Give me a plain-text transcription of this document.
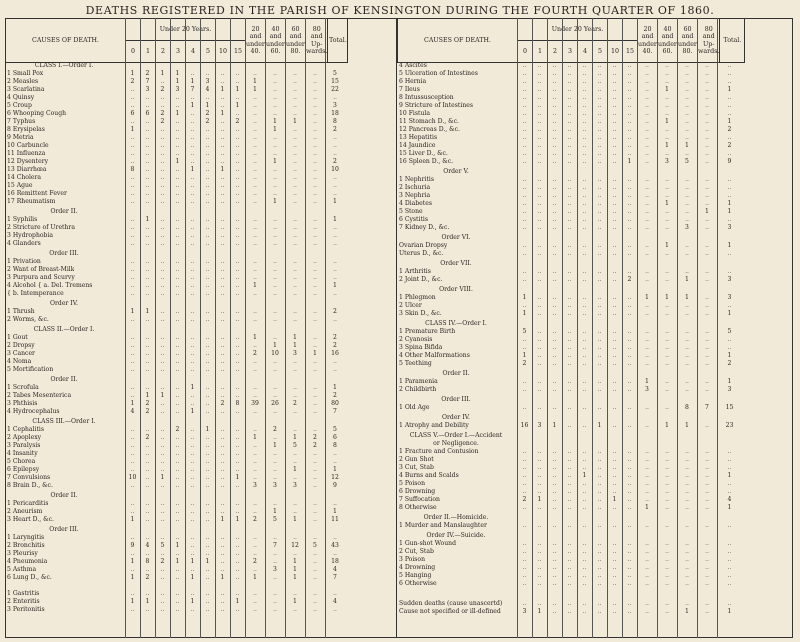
DEATHS REGISTERED IN THE PARISH OF KENSINGTON DURING THE FOURTH QUARTER OF 1860.
CAUSES OF DEATH.	Under 20 Years.								20 and under 40.	40 and under 60.	60 and under 80.	80 and Up-wards.	Total.
	0	1	2	3	4	5	10	15					
CLASS I.—Order I.
1 Small Pox	1	2	1	1	..	..	..	..	..	..	..	..	5
2 Measles	2	7	..	1	1	3	..	..	1	..	..	..	15
3 Scarlatina	..	3	2	3	7	4	1	1	1	..	..	..	22
4 Quinsy	..	..	..	..	..	..	..	..	..	..	..	..	..
5 Croup	..	..	..	..	1	1	..	1	..	..	..	..	3
6 Whooping Cough	6	6	2	1	..	2	1	..	..	..	..	..	18
7 Typhus	..	..	2	..	..	2	..	2	..	1	1	..	8
8 Erysipelas	1	..	..	..	..	..	..	..	..	1	..	..	2
9 Metria	..	..	..	..	..	..	..	..	..	..	..	..	..
10 Carbuncle	..	..	..	..	..	..	..	..	..	..	..	..	..
11 Influenza	..	..	..	..	..	..	..	..	..	..	..	..	..
12 Dysentery	..	..	..	1	..	..	..	..	..	1	..	..	2
13 Diarrhœa	8	..	..	..	1	..	1	..	..	..	..	..	10
14 Cholera	..	..	..	..	..	..	..	..	..	..	..	..	..
15 Ague	..	..	..	..	..	..	..	..	..	..	..	..	..
16 Remittent Fever	..	..	..	..	..	..	..	..	..	..	..	..	..
17 Rheumatism	..	..	..	..	..	..	..	..	..	1	..	..	1
Order II.
1 Syphilis	..	1	..	..	..	..	..	..	..	..	..	..	1
2 Stricture of Urethra	..	..	..	..	..	..	..	..	..	..	..	..	..
3 Hydrophobia	..	..	..	..	..	..	..	..	..	..	..	..	..
4 Glanders	..	..	..	..	..	..	..	..	..	..	..	..	..
Order III.
1 Privation	..	..	..	..	..	..	..	..	..	..	..	..	..
2 Want of Breast-Milk	..	..	..	..	..	..	..	..	..	..	..	..	..
3 Purpura and Scurvy	..	..	..	..	..	..	..	..	..	..	..	..	..
4 Alcohol { a. Del. Tremens	..	..	..	..	..	..	..	..	1	..	..	..	1
{ b. Intemperance	..	..	..	..	..	..	..	..	..	..	..	..	..
Order IV.
1 Thrush	1	1	..	..	..	..	..	..	..	..	..	..	2
2 Worms, &c.	..	..	..	..	..	..	..	..	..	..	..	..	..
CLASS II.—Order I.
1 Gout	..	..	..	..	..	..	..	..	1	..	1	..	2
2 Dropsy	..	..	..	..	..	..	..	..	..	1	1	..	2
3 Cancer	..	..	..	..	..	..	..	..	2	10	3	1	16
4 Noma	..	..	..	..	..	..	..	..	..	..	..	..	..
5 Mortification	..	..	..	..	..	..	..	..	..	..	..	..	..
Order II.
1 Scrofula	..	..	..	..	1	..	..	..	..	..	..	..	1
2 Tabes Mesenterica	..	1	1	..	..	..	..	..	..	..	..	..	2
3 Phthisis	1	2	..	..	..	..	2	8	39	26	2	..	80
4 Hydrocephalus	4	2	..	..	1	..	..	..	..	..	..	..	7
CLASS III.—Order I.
1 Cephalitis	..	..	..	2	..	1	..	..	..	2	..	..	5
2 Apoplexy	..	2	..	..	..	..	..	..	1	..	1	2	6
3 Paralysis	..	..	..	..	..	..	..	..	..	1	5	2	8
4 Insanity	..	..	..	..	..	..	..	..	..	..	..	..	..
5 Chorea	..	..	..	..	..	..	..	..	..	..	..	..	..
6 Epilepsy	..	..	..	..	..	..	..	..	..	..	1	..	1
7 Convulsions	10	..	1	..	..	..	..	1	..	..	..	..	12
8 Brain D., &c.	..	..	..	..	..	..	..	..	3	3	3	..	9
Order II.
1 Pericarditis	..	..	..	..	..	..	..	..	..	..	..	..	..
2 Aneurism	..	..	..	..	..	..	..	..	..	1	..	..	1
3 Heart D., &c.	1	..	..	..	..	..	1	1	2	5	1	..	11
Order III.
1 Laryngitis	..	..	..	..	..	..	..	..	..	..	..	..	..
2 Bronchitis	9	4	5	1	..	..	..	..	..	7	12	5	43
3 Pleurisy	..	..	..	..	..	..	..	..	..	..	..	..	..
4 Pneumonia	1	8	2	1	1	1	..	..	2	..	1	..	18
5 Asthma	..	..	..	..	..	..	..	..	..	3	1	..	4
6 Lung D., &c.	1	2	..	..	1	..	1	..	1	..	1	..	7
1 Gastritis	..	..	..	..	..	..	..	..	..	..	..	..	..
2 Enteritis	1	1	..	..	1	..	..	1	..	..	1	..	4
3 Peritonitis	..	..	..	..	..	..	..	..	..	..	..	..	..
CAUSES OF DEATH.	Under 20 Years.								20 and under 40.	40 and under 60.	60 and under 80.	80 and Up-wards.	Total.
	0	1	2	3	4	5	10	15					
4 Ascites	..	..	..	..	..	..	..	..	..	..	..	..	..
5 Ulceration of Intestines	..	..	..	..	..	..	..	..	..	..	..	..	..
6 Hernia	..	..	..	..	..	..	..	..	..	..	..	..	..
7 Ileus	..	..	..	..	..	..	..	..	..	1	..	..	1
8 Intussusception	..	..	..	..	..	..	..	..	..	..	..	..	..
9 Stricture of Intestines	..	..	..	..	..	..	..	..	..	..	..	..	..
10 Fistula	..	..	..	..	..	..	..	..	..	..	..	..	..
11 Stomach D., &c.	..	..	..	..	..	..	..	..	..	1	..	..	1
12 Pancreas D., &c.	..	..	..	..	..	..	..	..	..	..	..	..	2
13 Hepatitis	..	..	..	..	..	..	..	..	..	..	..	..	..
14 Jaundice	..	..	..	..	..	..	..	..	..	1	1	..	2
15 Liver D., &c.	..	..	..	..	..	..	..	..	..	..	..	..	..
16 Spleen D., &c.	..	..	..	..	..	..	..	1	..	3	5	..	9
Order V.
1 Nephritis	..	..	..	..	..	..	..	..	..	..	..	..	..
2 Ischuria	..	..	..	..	..	..	..	..	..	..	..	..	..
3 Nephria	..	..	..	..	..	..	..	..	..	..	..	..	..
4 Diabetes	..	..	..	..	..	..	..	..	..	1	..	..	1
5 Stone	..	..	..	..	..	..	..	..	..	..	..	1	1
6 Cystitis	..	..	..	..	..	..	..	..	..	..	..	..	..
7 Kidney D., &c.	..	..	..	..	..	..	..	..	..	..	3	..	3
Order VI.
Ovarian Dropsy	..	..	..	..	..	..	..	..	..	1	..	..	1
Uterus D., &c.	..	..	..	..	..	..	..	..	..	..	..	..	..
Order VII.
1 Arthritis	..	..	..	..	..	..	..	..	..	..	..	..	..
2 Joint D., &c.	..	..	..	..	..	..	..	2	..	..	1	..	3
Order VIII.
1 Phlegmon	1	..	..	..	..	..	..	..	1	1	1	..	3
2 Ulcer	..	..	..	..	..	..	..	..	..	..	..	..	..
3 Skin D., &c.	1	..	..	..	..	..	..	..	..	..	..	..	1
CLASS IV.—Order I.
1 Premature Birth	5	..	..	..	..	..	..	..	..	..	..	..	5
2 Cyanosis	..	..	..	..	..	..	..	..	..	..	..	..	..
3 Spina Bifida	..	..	..	..	..	..	..	..	..	..	..	..	..
4 Other Malformations	1	..	..	..	..	..	..	..	..	..	..	..	1
5 Teething	2	..	..	..	..	..	..	..	..	..	..	..	2
Order II.
1 Paramenia	..	..	..	..	..	..	..	..	1	..	..	..	1
2 Childbirth	..	..	..	..	..	..	..	..	3	..	..	..	3
Order III.
1 Old Age	..	..	..	..	..	..	..	..	..	..	8	7	15
Order IV.
1 Atrophy and Debility	16	3	1	..	..	1	..	..	..	1	1	..	23
CLASS V.—Order I.—Accident
or Negligence.
1 Fracture and Contusion	..	..	..	..	..	..	..	..	..	..	..	..	..
2 Gun Shot	..	..	..	..	..	..	..	..	..	..	..	..	..
3 Cut, Stab	..	..	..	..	..	..	..	..	..	..	..	..	..
4 Burns and Scalds	..	..	..	..	1	..	..	..	..	..	..	..	1
5 Poison	..	..	..	..	..	..	..	..	..	..	..	..	..
6 Drowning	..	..	..	..	..	..	..	..	..	..	..	..	..
7 Suffocation	2	1	..	..	..	..	1	..	..	..	..	..	4
8 Otherwise	..	..	..	..	..	..	..	..	1	..	..	..	1
Order II.—Homicide.
1 Murder and Manslaughter	..	..	..	..	..	..	..	..	..	..	..	..	..
Order IV.—Suicide.
1 Gun-shot Wound	..	..	..	..	..	..	..	..	..	..	..	..	..
2 Cut, Stab	..	..	..	..	..	..	..	..	..	..	..	..	..
3 Poison	..	..	..	..	..	..	..	..	..	..	..	..	..
4 Drowning	..	..	..	..	..	..	..	..	..	..	..	..	..
5 Hanging	..	..	..	..	..	..	..	..	..	..	..	..	..
6 Otherwise	..	..	..	..	..	..	..	..	..	..	..	..	..
Sudden deaths (cause unascertd)	..	..	..	..	..	..	..	..	..	..	..	..	..
Cause not specified or ill-defined	3	1	..	..	..	..	..	..	..	..	1	..	1
